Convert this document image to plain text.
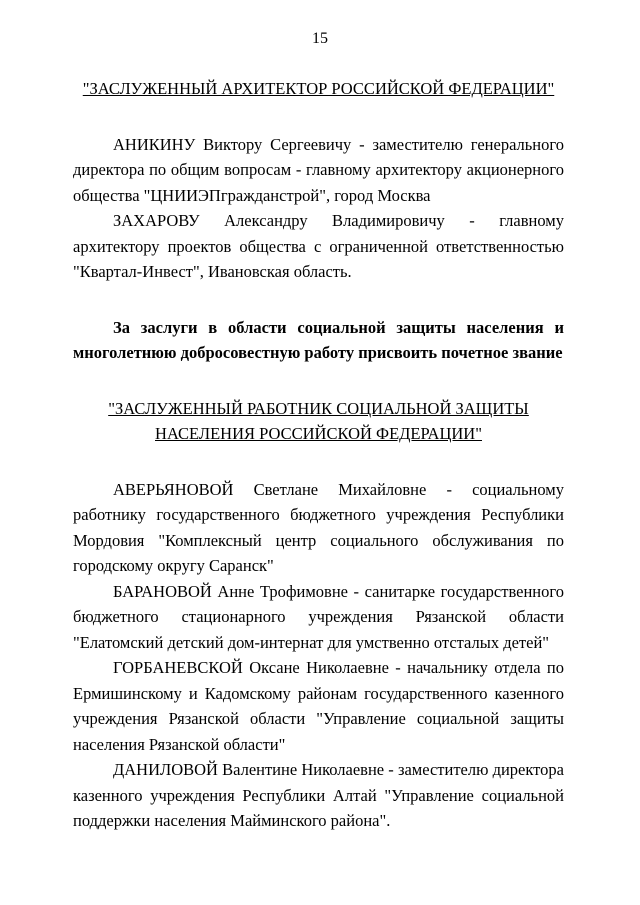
15
"ЗАСЛУЖЕННЫЙ АРХИТЕКТОР РОССИЙСКОЙ ФЕДЕРАЦИИ"

АНИКИНУ Виктору Сергеевичу - заместителю генерального директора по общим вопросам - главному архитектору акционерного общества "ЦНИИЭПгражданстрой", город Москва

ЗАХАРОВУ Александру Владимировичу - главному архитектору проектов общества с ограниченной ответственностью "Квартал-Инвест", Ивановская область.

За заслуги в области социальной защиты населения и многолетнюю добросовестную работу присвоить почетное звание

"ЗАСЛУЖЕННЫЙ РАБОТНИК СОЦИАЛЬНОЙ ЗАЩИТЫ
НАСЕЛЕНИЯ РОССИЙСКОЙ ФЕДЕРАЦИИ"

АВЕРЬЯНОВОЙ Светлане Михайловне - социальному работнику государственного бюджетного учреждения Республики Мордовия "Комплексный центр социального обслуживания по городскому округу Саранск"

БАРАНОВОЙ Анне Трофимовне - санитарке государственного бюджетного стационарного учреждения Рязанской области "Елатомский детский дом-интернат для умственно отсталых детей"

ГОРБАНЕВСКОЙ Оксане Николаевне - начальнику отдела по Ермишинскому и Кадомскому районам государственного казенного учреждения Рязанской области "Управление социальной защиты населения Рязанской области"

ДАНИЛОВОЙ Валентине Николаевне - заместителю директора казенного учреждения Республики Алтай "Управление социальной поддержки населения Майминского района".
